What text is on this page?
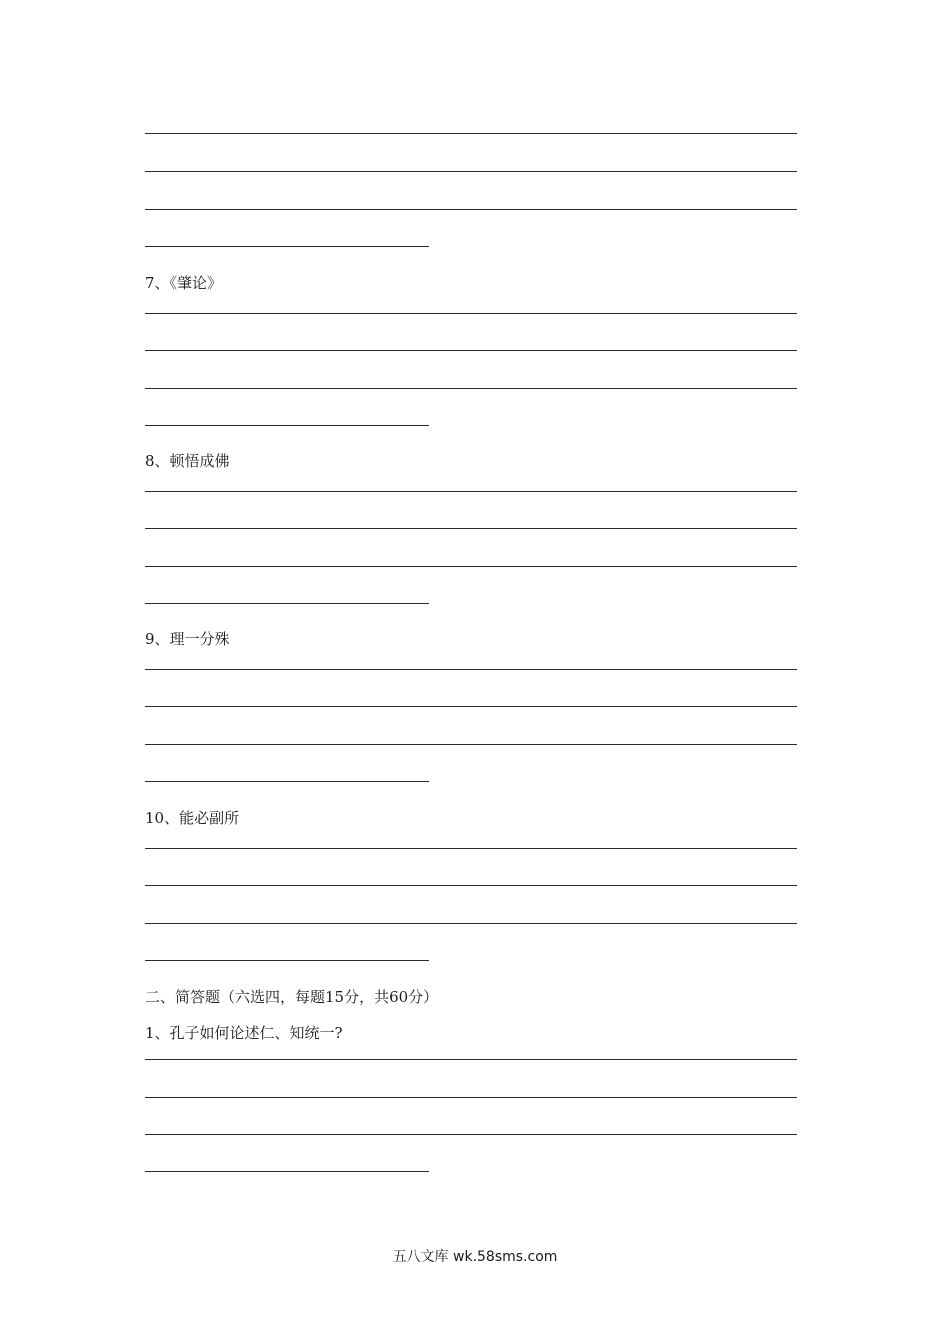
7、《肇论》
8、顿悟成佛
9、理一分殊
10、能必副所
二、简答题（六选四，每题15分，共60分）
1、孔子如何论述仁、知统一?
五八文库 wk.58sms.com
